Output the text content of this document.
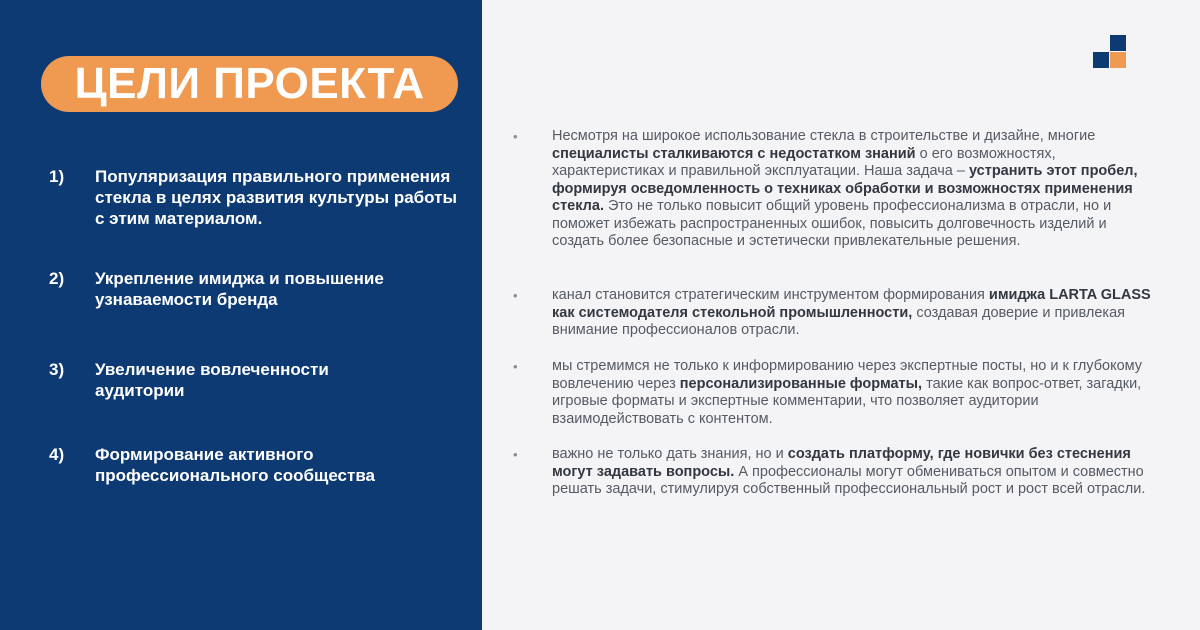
ЦЕЛИ ПРОЕКТА
1)	Популяризация правильного применения стекла в целях развития культуры работы с этим материалом.
2)	Укрепление имиджа и повышение узнаваемости бренда
3)	Увеличение вовлеченности аудитории
4)	Формирование активного профессионального сообщества
•	Несмотря на широкое использование стекла в строительстве и дизайне, многие специалисты сталкиваются с недостатком знаний о его возможностях, характеристиках и правильной эксплуатации. Наша задача – устранить этот пробел, формируя осведомленность о техниках обработки и возможностях применения стекла. Это не только повысит общий уровень профессионализма в отрасли, но и поможет избежать распространенных ошибок, повысить долговечность изделий и создать более безопасные и эстетически привлекательные решения.
•	канал становится стратегическим инструментом формирования имиджа LARTA GLASS как системодателя стекольной промышленности, создавая доверие и привлекая внимание профессионалов отрасли.
•	мы стремимся не только к информированию через экспертные посты, но и к глубокому вовлечению через персонализированные форматы, такие как вопрос-ответ, загадки, игровые форматы и экспертные комментарии, что позволяет аудитории взаимодействовать с контентом.
•	важно не только дать знания, но и создать платформу, где новички без стеснения могут задавать вопросы. А профессионалы могут обмениваться опытом и совместно решать задачи, стимулируя собственный профессиональный рост и рост всей отрасли.
